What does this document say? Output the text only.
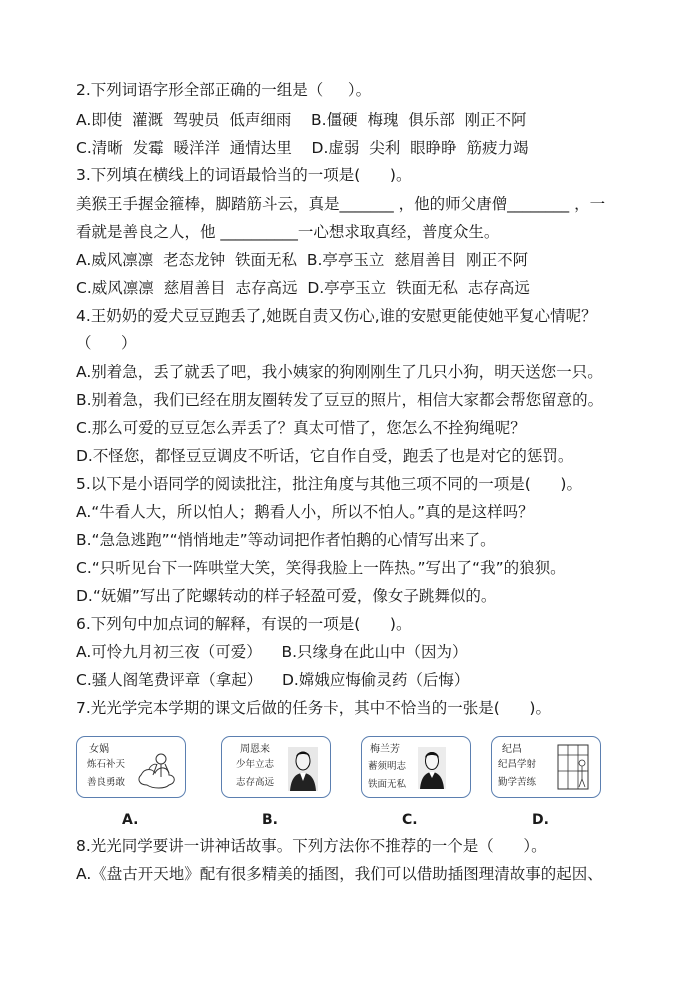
2.下列词语字形全部正确的一组是（     ）。
A.即使  灌溉  驾驶员  低声细雨    B.僵硬  梅瑰  俱乐部  刚正不阿
C.清晰  发霉  暖洋洋  通情达里    D.虚弱  尖利  眼睁睁  筋疲力竭
3.下列填在横线上的词语最恰当的一项是(      )。
美猴王手握金箍棒，脚踏筋斗云，真是_______ ，他的师父唐僧________ ，一
看就是善良之人，他 __________一心想求取真经，普度众生。
A.威风凛凛  老态龙钟  铁面无私  B.亭亭玉立  慈眉善目  刚正不阿
C.威风凛凛  慈眉善目  志存高远  D.亭亭玉立  铁面无私  志存高远
4.王奶奶的爱犬豆豆跑丢了,她既自责又伤心,谁的安慰更能使她平复心情呢？
（      ）
A.别着急，丢了就丢了吧，我小姨家的狗刚刚生了几只小狗，明天送您一只。
B.别着急，我们已经在朋友圈转发了豆豆的照片，相信大家都会帮您留意的。
C.那么可爱的豆豆怎么弄丢了？真太可惜了，您怎么不拴狗绳呢？
D.不怪您，都怪豆豆调皮不听话，它自作自受，跑丢了也是对它的惩罚。
5.以下是小语同学的阅读批注，批注角度与其他三项不同的一项是(      )。
A.“牛看人大，所以怕人；鹅看人小，所以不怕人。”真的是这样吗？
B.“急急逃跑”“悄悄地走”等动词把作者怕鹅的心情写出来了。
C.“只听见台下一阵哄堂大笑，笑得我脸上一阵热。”写出了“我”的狼狈。
D.“妩媚”写出了陀螺转动的样子轻盈可爱，像女子跳舞似的。
6.下列句中加点词的解释，有误的一项是(      )。
A.可怜九月初三夜（可爱）    B.只缘身在此山中（因为）
C.骚人阁笔费评章（拿起）    D.嫦娥应悔偷灵药（后悔）
7.光光学完本学期的课文后做的任务卡，其中不恰当的一张是(      )。
女娲
炼石补天
善良勇敢
周恩来
少年立志
志存高远
梅兰芳
蓄须明志
铁面无私
纪昌
纪昌学射
勤学苦练
A.	B.	C.	D.
8.光光同学要讲一讲神话故事。下列方法你不推荐的一个是（      ）。
A.《盘古开天地》配有很多精美的插图，我们可以借助插图理清故事的起因、
